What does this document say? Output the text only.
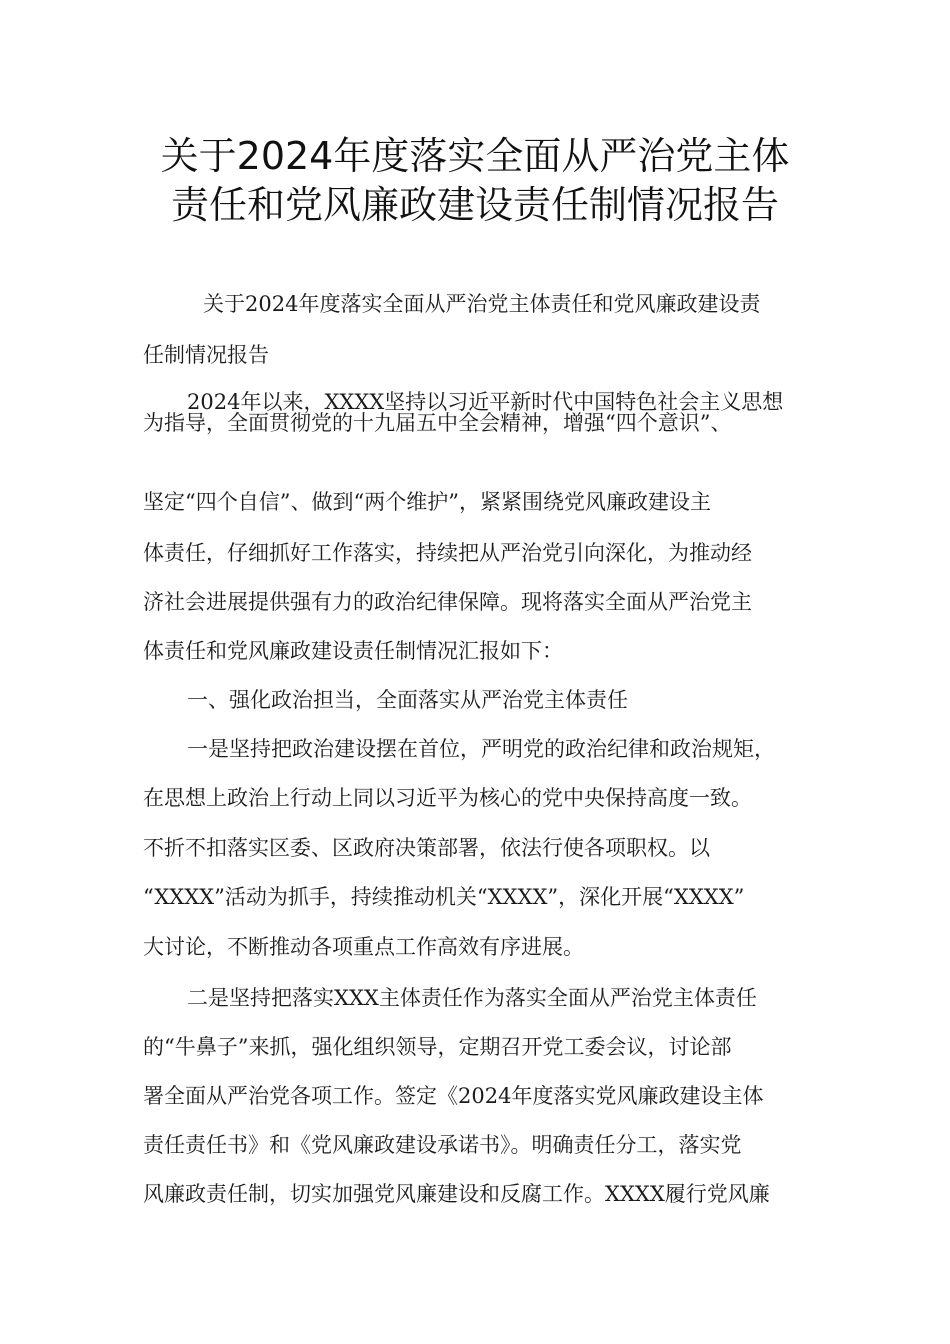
关于2024年度落实全面从严治党主体
责任和党风廉政建设责任制情况报告
　关于2024年度落实全面从严治党主体责任和党风廉政建设责
任制情况报告
　2024年以来，XXXX坚持以习近平新时代中国特色社会主义思想
为指导，全面贯彻党的十九届五中全会精神，增强“四个意识”、
坚定“四个自信”、做到“两个维护”，紧紧围绕党风廉政建设主
体责任，仔细抓好工作落实，持续把从严治党引向深化，为推动经
济社会进展提供强有力的政治纪律保障。现将落实全面从严治党主
体责任和党风廉政建设责任制情况汇报如下：
　一、强化政治担当，全面落实从严治党主体责任
　一是坚持把政治建设摆在首位，严明党的政治纪律和政治规矩，
在思想上政治上行动上同以习近平为核心的党中央保持高度一致。
不折不扣落实区委、区政府决策部署，依法行使各项职权。以
“XXXX”活动为抓手，持续推动机关“XXXX”，深化开展“XXXX”
大讨论，不断推动各项重点工作高效有序进展。
　二是坚持把落实XXX主体责任作为落实全面从严治党主体责任
的“牛鼻子”来抓，强化组织领导，定期召开党工委会议，讨论部
署全面从严治党各项工作。签定《2024年度落实党风廉政建设主体
责任责任书》和《党风廉政建设承诺书》。明确责任分工，落实党
风廉政责任制，切实加强党风廉建设和反腐工作。XXXX履行党风廉
